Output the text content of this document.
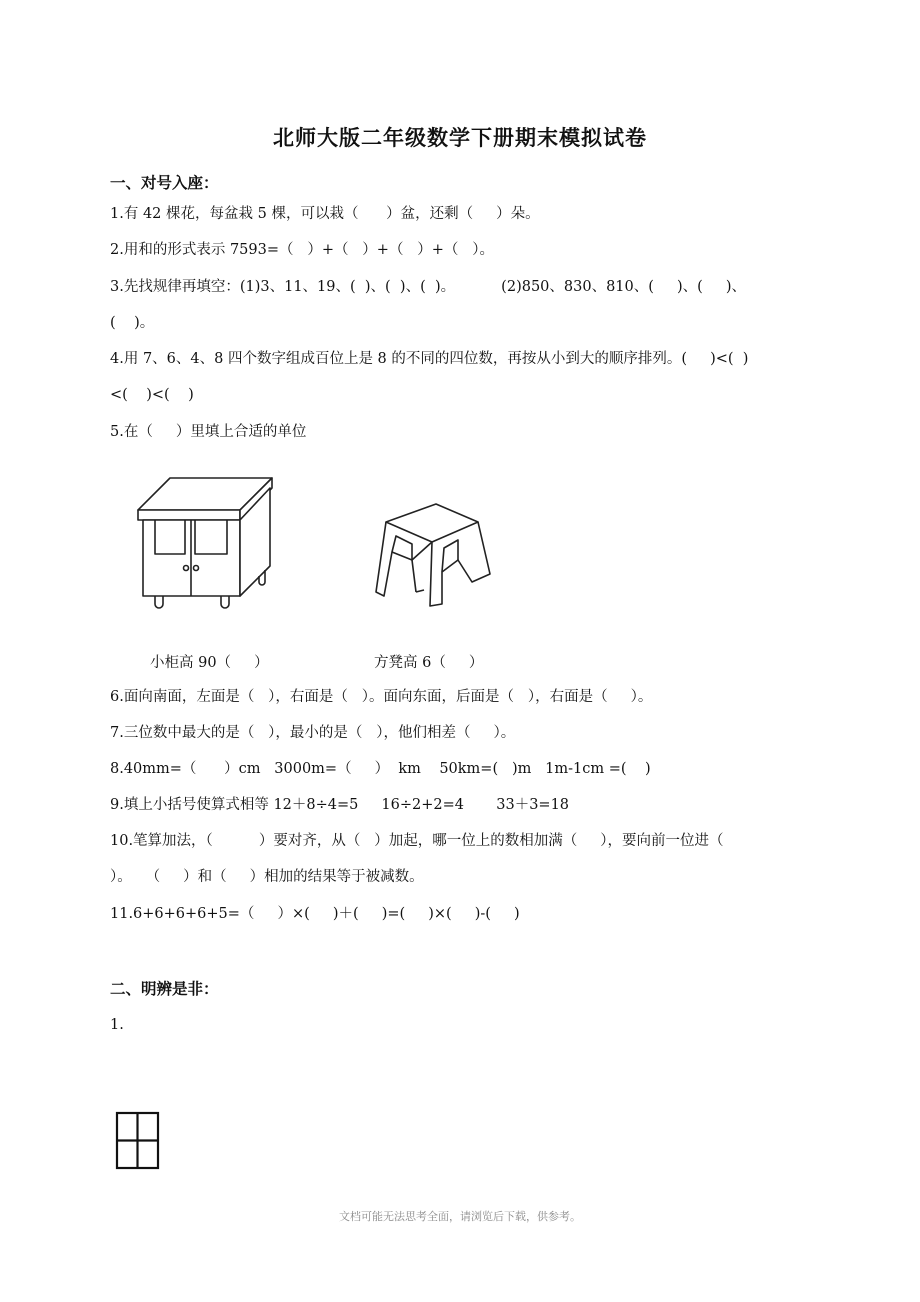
北师大版二年级数学下册期末模拟试卷
一、对号入座：
1.有 42 棵花，每盆栽 5 棵，可以栽（      ）盆，还剩（     ）朵。
2.用和的形式表示 7593=（   ）+（   ）+（   ）+（   ）。
3.先找规律再填空：(1)3、11、19、(  )、(  )、(  )。          (2)850、830、810、(     )、(     )、
(    )。
4.用 7、6、4、8 四个数字组成百位上是 8 的不同的四位数，再按从小到大的顺序排列。(     )<(  )
<(    )<(    )
5.在（     ）里填上合适的单位
小柜高 90（     ）	方凳高 6（     ）
6.面向南面，左面是（   ），右面是（   ）。面向东面，后面是（   ），右面是（     ）。
7.三位数中最大的是（   ），最小的是（   ），他们相差（     ）。
8.40mm=（      ）cm   3000m=（     ）  km    50km=(   )m   1m-1cm =(    )
9.填上小括号使算式相等 12＋8÷4=5     16÷2+2=4       33＋3=18
10.笔算加法，（          ）要对齐，从（   ）加起，哪一位上的数相加满（     ），要向前一位进（
）。   （     ）和（     ）相加的结果等于被减数。
11.6+6+6+6+5=（     ）×(     )＋(     )=(     )×(     )-(     )
二、明辨是非：
1.
文档可能无法思考全面，请浏览后下载，供参考。
